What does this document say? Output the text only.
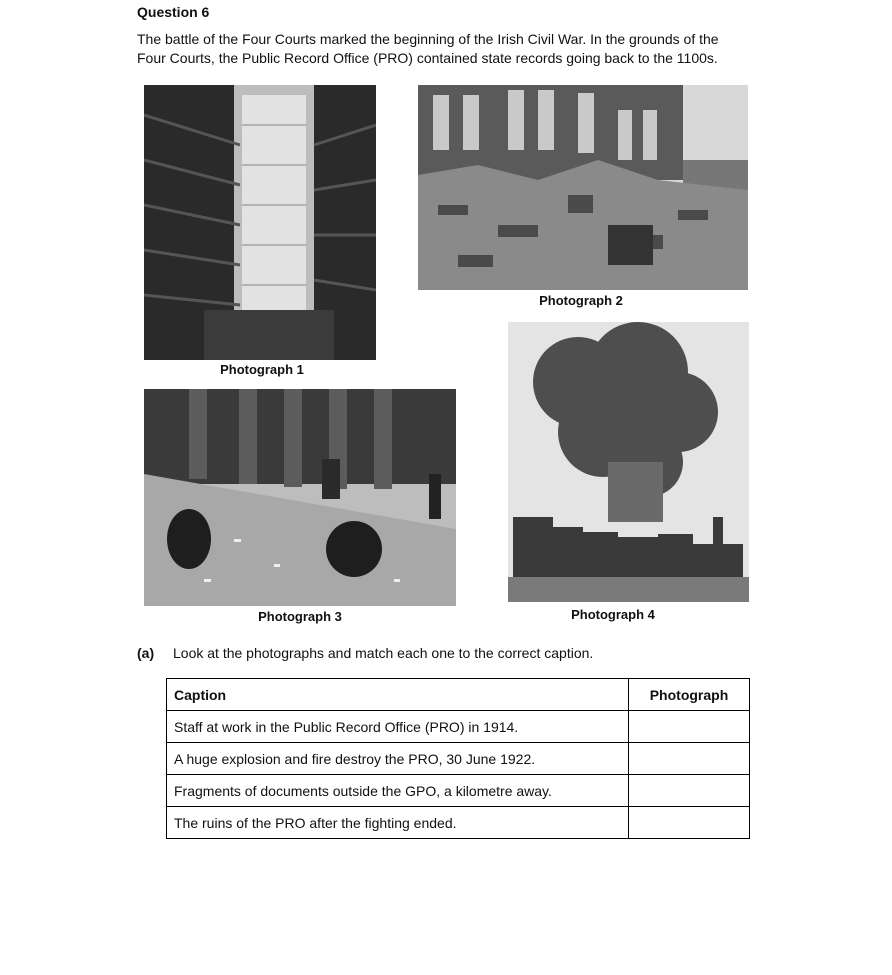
Question 6
The battle of the Four Courts marked the beginning of the Irish Civil War. In the grounds of the
Four Courts, the Public Record Office (PRO) contained state records going back to the 1100s.
Photograph 1
Photograph 2
Photograph 3	Photograph 4
(a) Look at the photographs and match each one to the correct caption.
Caption	Photograph
Staff at work in the Public Record Office (PRO) in 1914.	
A huge explosion and fire destroy the PRO, 30 June 1922.	
Fragments of documents outside the GPO, a kilometre away.	
The ruins of the PRO after the fighting ended.	
